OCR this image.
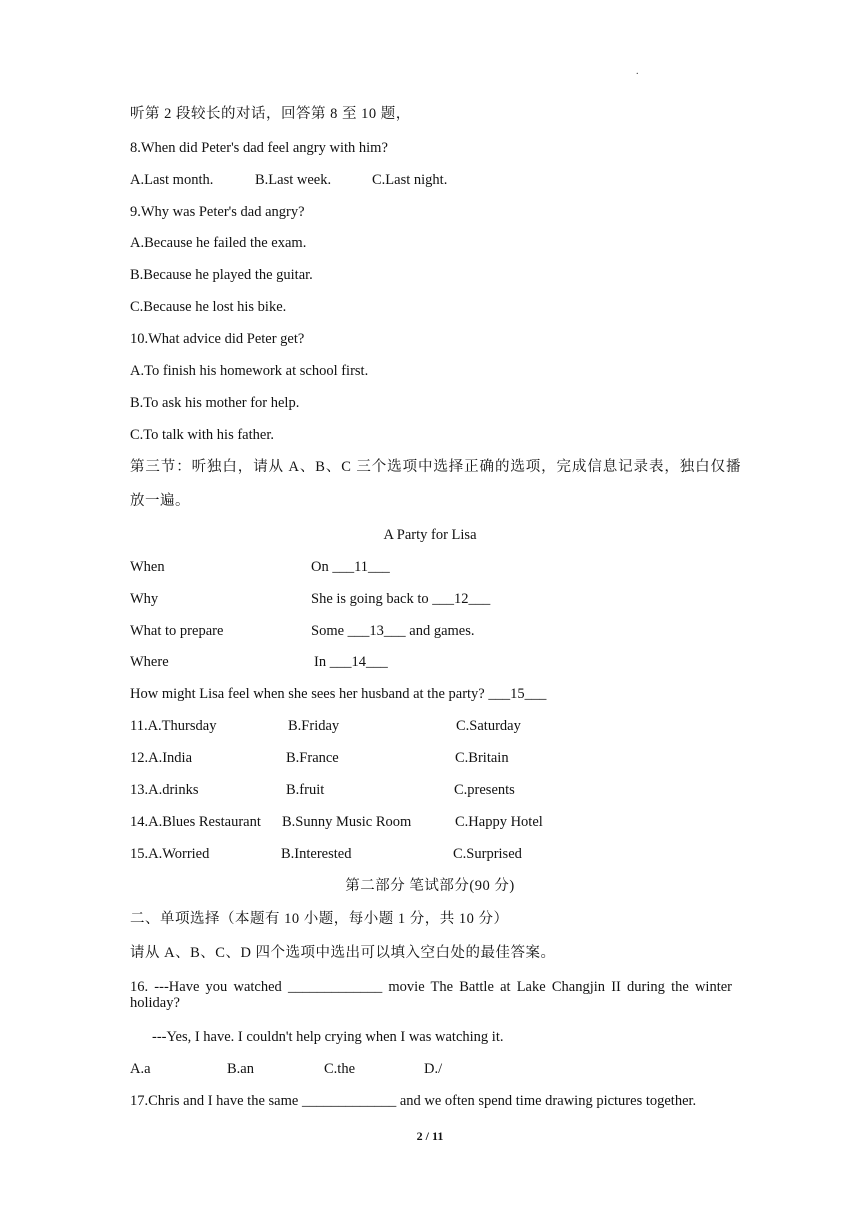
.
听第 2 段较长的对话，回答第 8 至 10 题，
8.When did Peter's dad feel angry with him?
A.Last month.	B.Last week.	C.Last night.
9.Why was Peter's dad angry?
A.Because he failed the exam.
B.Because he played the guitar.
C.Because he lost his bike.
10.What advice did Peter get?
A.To finish his homework at school first.
B.To ask his mother for help.
C.To talk with his father.
第三节：听独白，请从 A、B、C 三个选项中选择正确的选项，完成信息记录表，独白仅播
放一遍。
A Party for Lisa
When	On ___11___
Why	She is going back to ___12___
What to prepare	Some ___13___ and games.
Where	In ___14___
How might Lisa feel when she sees her husband at the party? ___15___
11.A.Thursday	B.Friday	C.Saturday
12.A.India	B.France	C.Britain
13.A.drinks	B.fruit	C.presents
14.A.Blues Restaurant B.Sunny Music Room	C.Happy Hotel
15.A.Worried	B.Interested	C.Surprised
第二部分 笔试部分(90 分)
二、单项选择（本题有 10 小题，每小题 1 分，共 10 分）
请从 A、B、C、D 四个选项中选出可以填入空白处的最佳答案。
16. ---Have you watched _____________ movie The Battle at Lake Changjin II during the winter holiday?
---Yes, I have. I couldn't help crying when I was watching it.
A.a	B.an	C.the	D./
17.Chris and I have the same _____________ and we often spend time drawing pictures together.
2 / 11
